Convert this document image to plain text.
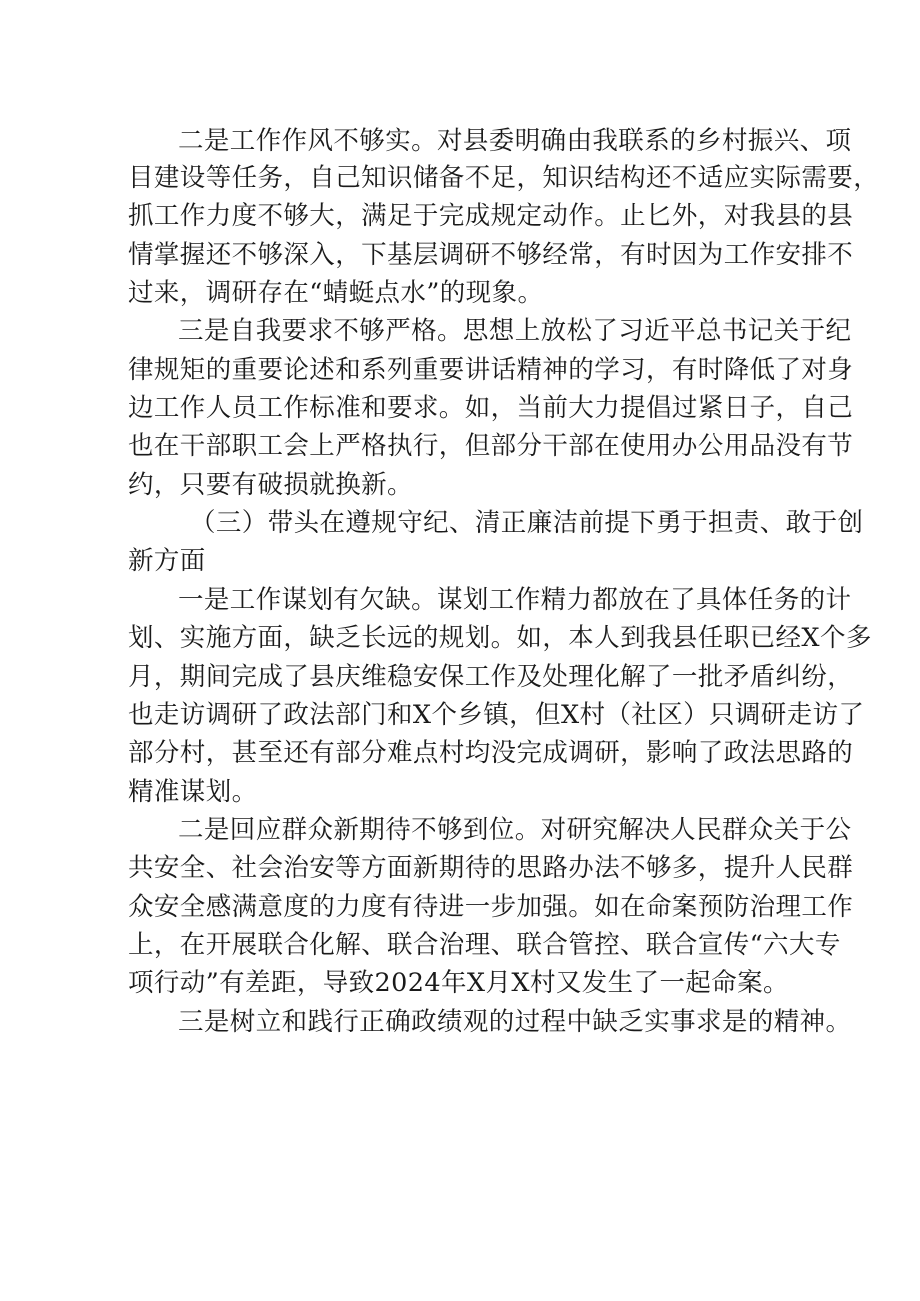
二是工作作风不够实。对县委明确由我联系的乡村振兴、项

目建设等任务，自己知识储备不足，知识结构还不适应实际需要，

抓工作力度不够大，满足于完成规定动作。止匕外，对我县的县

情掌握还不够深入，下基层调研不够经常，有时因为工作安排不

过来，调研存在“蜻蜓点水”的现象。

三是自我要求不够严格。思想上放松了习近平总书记关于纪

律规矩的重要论述和系列重要讲话精神的学习，有时降低了对身

边工作人员工作标准和要求。如，当前大力提倡过紧日子，自己

也在干部职工会上严格执行，但部分干部在使用办公用品没有节

约，只要有破损就换新。

（三）带头在遵规守纪、清正廉洁前提下勇于担责、敢于创

新方面

一是工作谋划有欠缺。谋划工作精力都放在了具体任务的计

划、实施方面，缺乏长远的规划。如，本人到我县任职已经X个多

月，期间完成了县庆维稳安保工作及处理化解了一批矛盾纠纷，

也走访调研了政法部门和X个乡镇，但X村（社区）只调研走访了

部分村，甚至还有部分难点村均没完成调研，影响了政法思路的

精准谋划。

二是回应群众新期待不够到位。对研究解决人民群众关于公

共安全、社会治安等方面新期待的思路办法不够多，提升人民群

众安全感满意度的力度有待进一步加强。如在命案预防治理工作

上，在开展联合化解、联合治理、联合管控、联合宣传“六大专

项行动”有差距，导致2024年X月X村又发生了一起命案。

三是树立和践行正确政绩观的过程中缺乏实事求是的精神。
